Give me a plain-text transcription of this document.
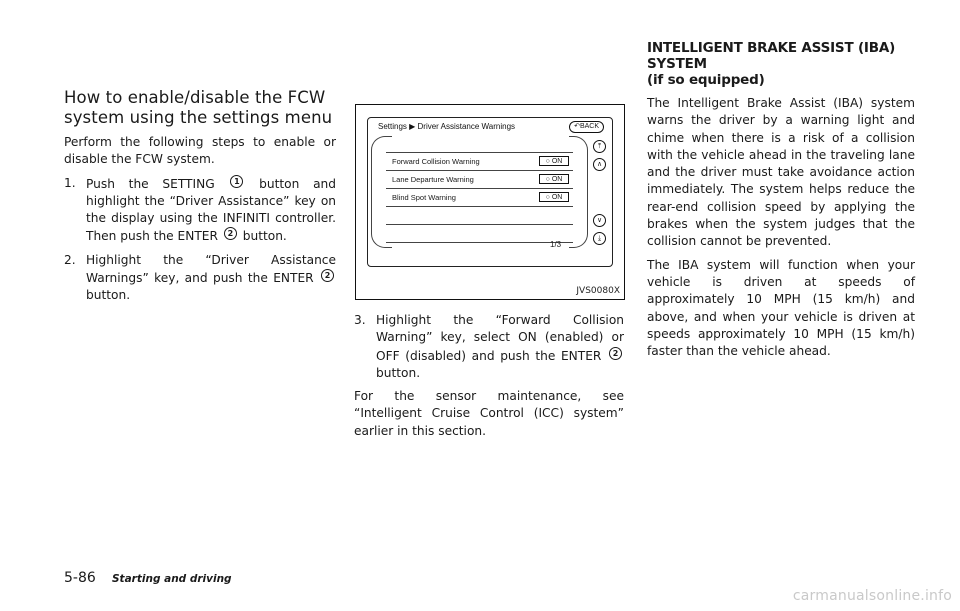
How to enable/disable the FCW system using the settings menu

Perform the following steps to enable or disable the FCW system.

1. Push the SETTING 1 button and highlight the “Driver Assistance” key on the display using the INFINITI controller. Then push the ENTER 2 button.

2. Highlight the “Driver Assistance Warnings” key, and push the ENTER 2 button.

Settings ▶ Driver Assistance Warnings	↶BACK
Forward Collision Warning	○ ON
Lane Departure Warning	○ ON
Blind Spot Warning	○ ON
⤒
∧
∨
⤓
1/3
JVS0080X

3. Highlight the “Forward Collision Warning” key, select ON (enabled) or OFF (disabled) and push the ENTER 2 button.

For the sensor maintenance, see “Intelligent Cruise Control (ICC) system” earlier in this section.

INTELLIGENT BRAKE ASSIST (IBA) SYSTEM
(if so equipped)

The Intelligent Brake Assist (IBA) system warns the driver by a warning light and chime when there is a risk of a collision with the vehicle ahead in the traveling lane and the driver must take avoidance action immediately. The system helps reduce the rear-end collision speed by applying the brakes when the system judges that the collision cannot be prevented.

The IBA system will function when your vehicle is driven at speeds of approximately 10 MPH (15 km/h) and above, and when your vehicle is driven at speeds approximately 10 MPH (15 km/h) faster than the vehicle ahead.

5-86 Starting and driving
carmanualsonline.info
